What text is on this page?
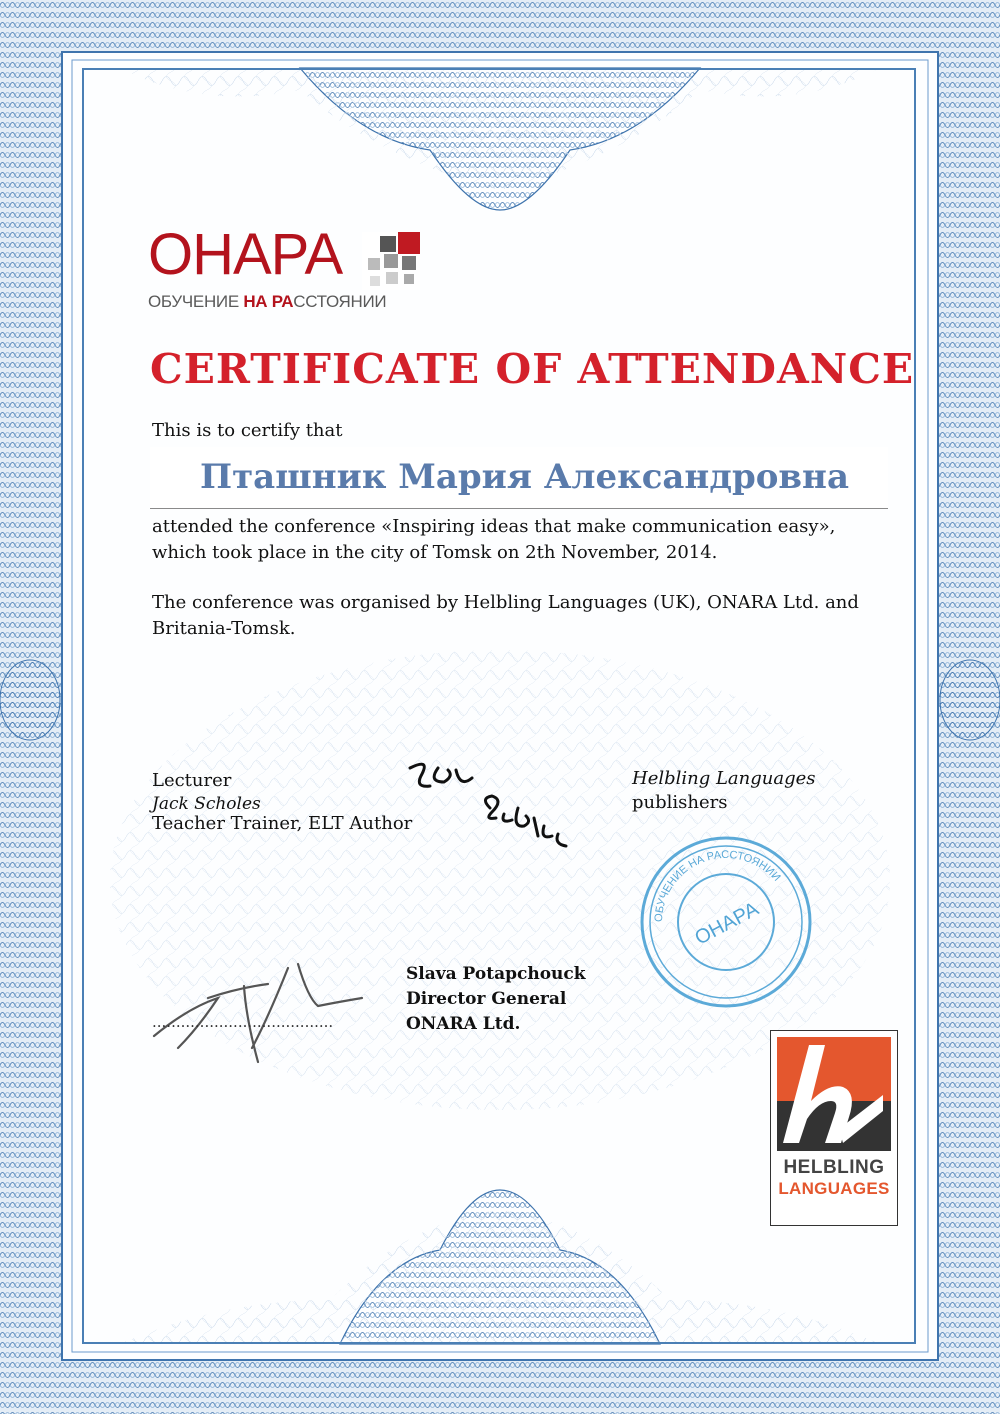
ОНАРА
ОБУЧЕНИЕ НА РАССТОЯНИИ
CERTIFICATE OF ATTENDANCE
This is to certify that
Пташник Мария Александровна
attended the conference «Inspiring ideas that make communication easy»,
which took place in the city of Tomsk on 2th November, 2014.
The conference was organised by Helbling Languages (UK), ONARA Ltd. and
Britania-Tomsk.
Lecturer
Jack Scholes
Teacher Trainer, ELT Author
Helbling Languages
publishers
ОБУЧЕНИЕ НА РАССТОЯНИИ
ОНАРА
......................................
Slava Potapchouck
Director General
ONARA Ltd.
HELBLING
LANGUAGES
